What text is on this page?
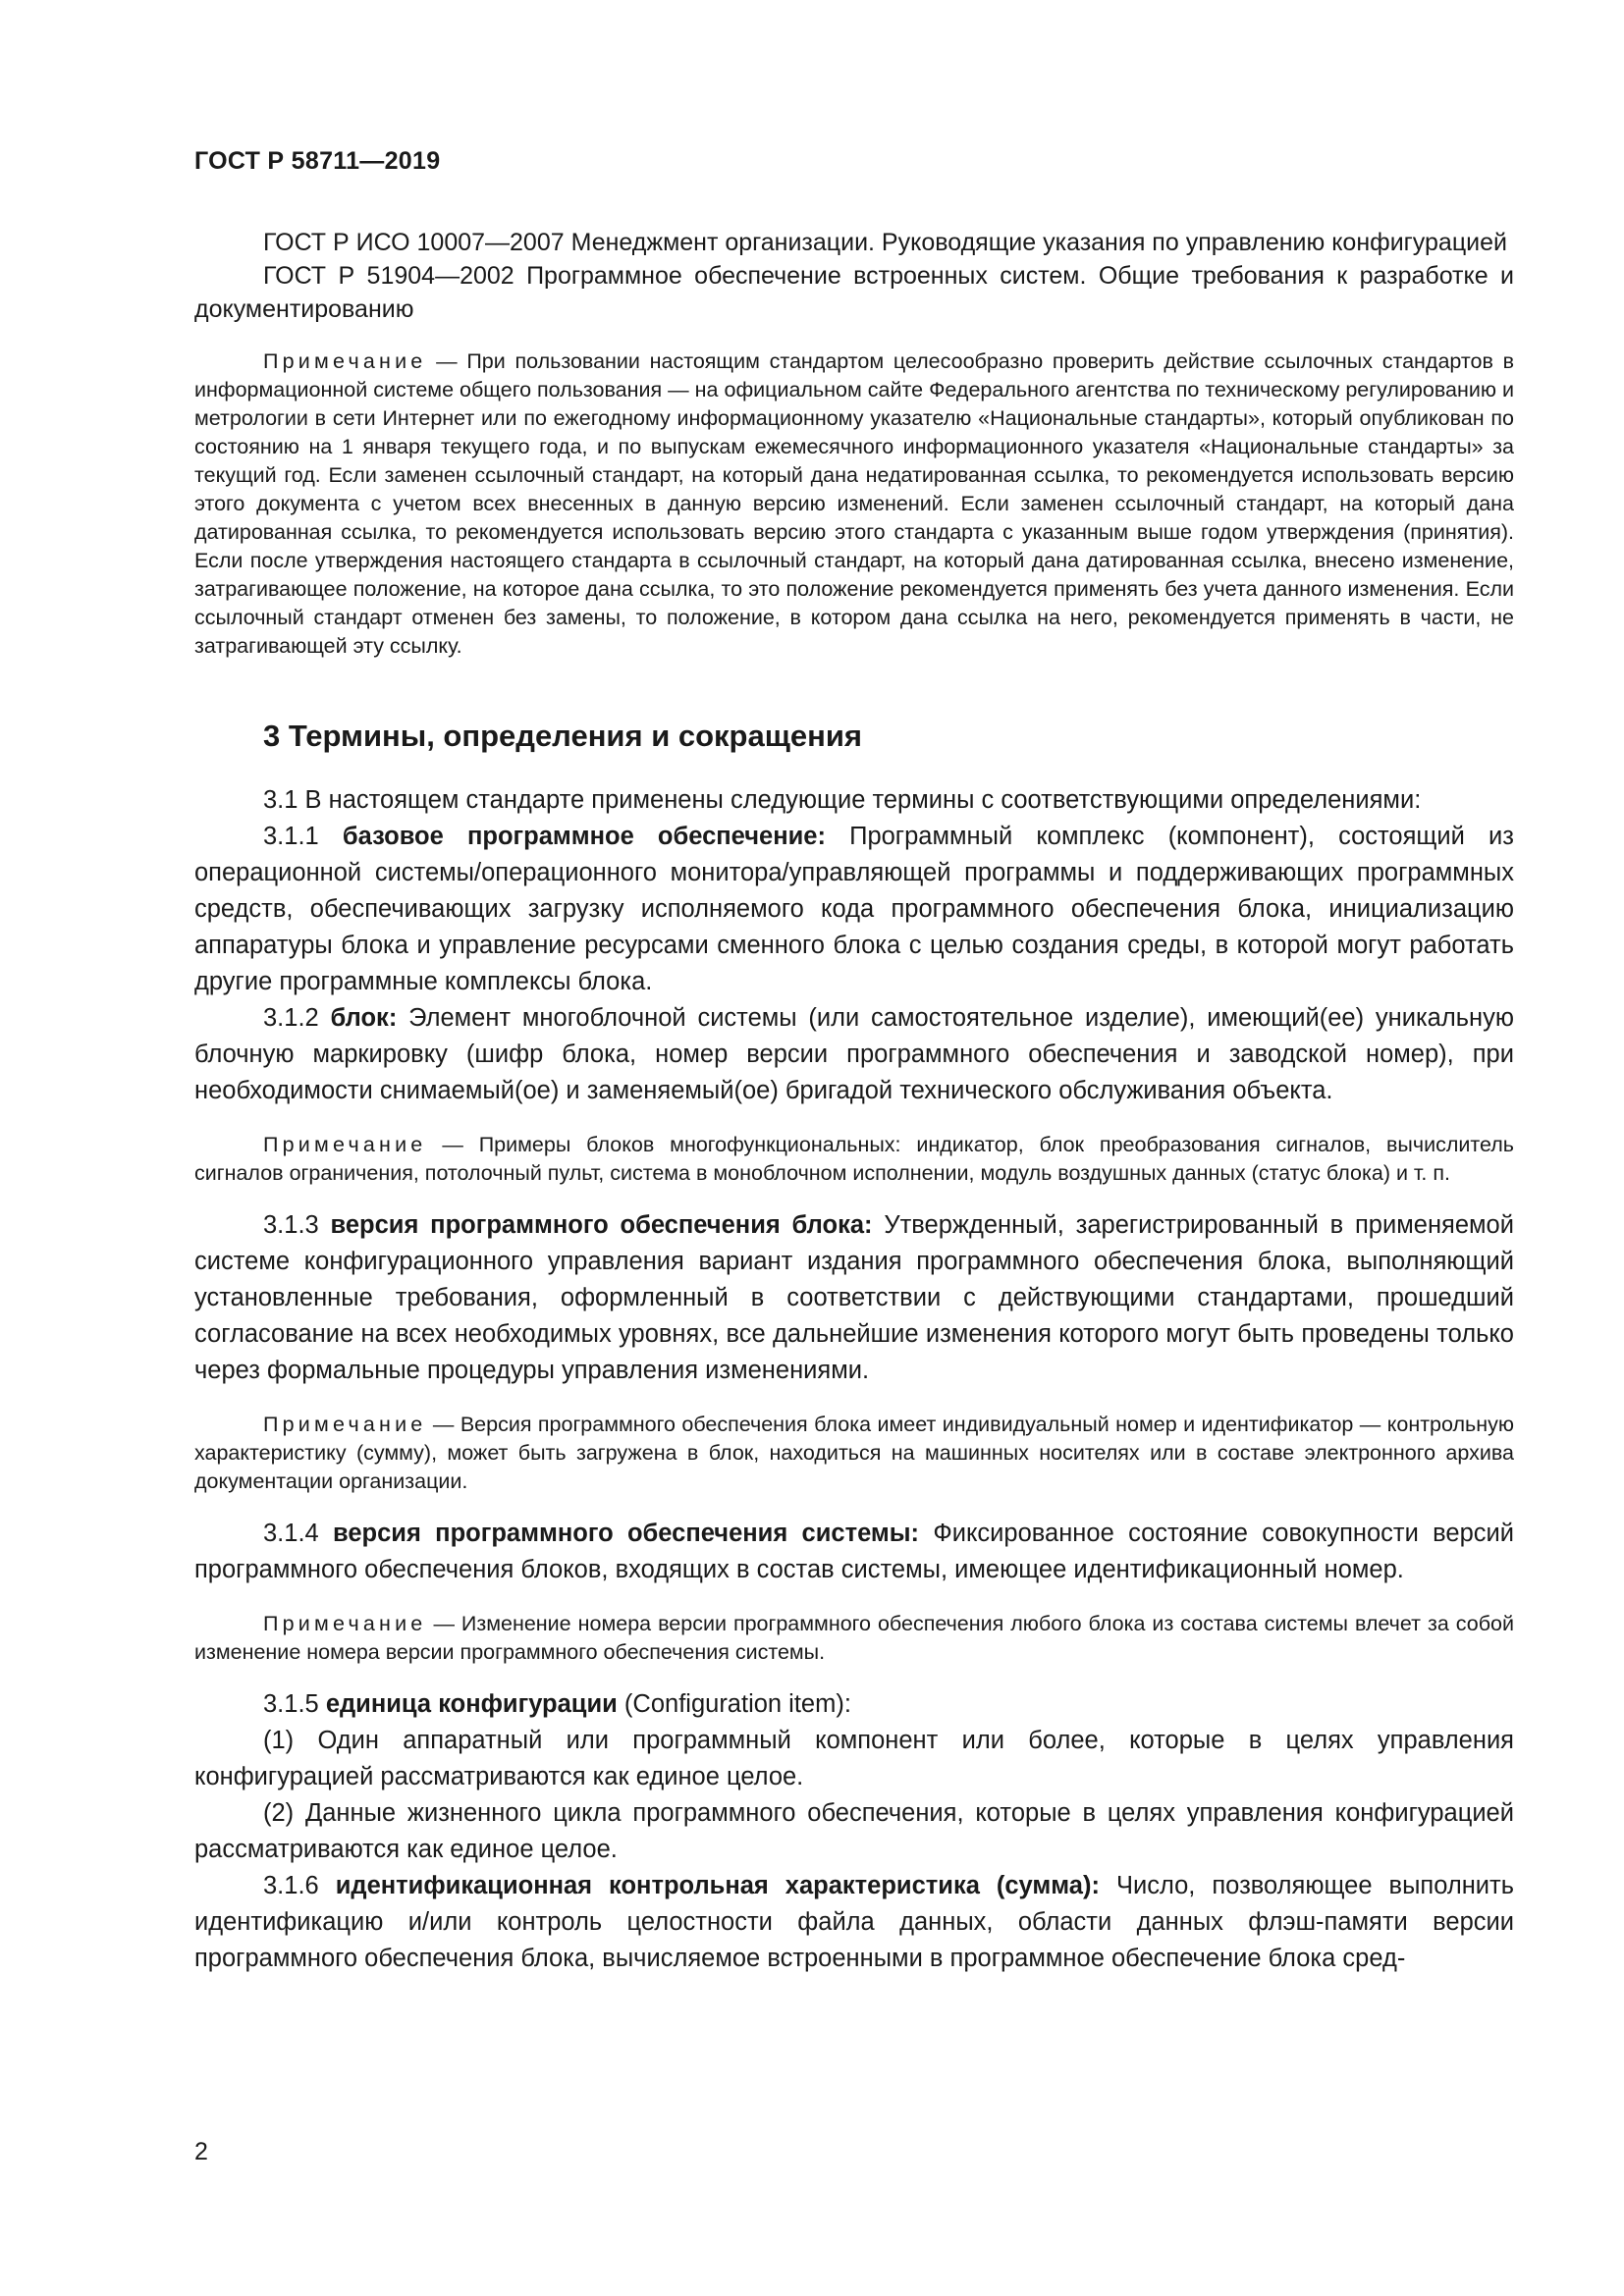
ГОСТ Р 58711—2019

ГОСТ Р ИСО 10007—2007 Менеджмент организации. Руководящие указания по управлению конфигурацией

ГОСТ Р 51904—2002 Программное обеспечение встроенных систем. Общие требования к разработке и документированию

Примечание — При пользовании настоящим стандартом целесообразно проверить действие ссылочных стандартов в информационной системе общего пользования — на официальном сайте Федерального агентства по техническому регулированию и метрологии в сети Интернет или по ежегодному информационному указателю «Национальные стандарты», который опубликован по состоянию на 1 января текущего года, и по выпускам ежемесячного информационного указателя «Национальные стандарты» за текущий год. Если заменен ссылочный стандарт, на который дана недатированная ссылка, то рекомендуется использовать версию этого документа с учетом всех внесенных в данную версию изменений. Если заменен ссылочный стандарт, на который дана датированная ссылка, то рекомендуется использовать версию этого стандарта с указанным выше годом утверждения (принятия). Если после утверждения настоящего стандарта в ссылочный стандарт, на который дана датированная ссылка, внесено изменение, затрагивающее положение, на которое дана ссылка, то это положение рекомендуется применять без учета данного изменения. Если ссылочный стандарт отменен без замены, то положение, в котором дана ссылка на него, рекомендуется применять в части, не затрагивающей эту ссылку.

3 Термины, определения и сокращения

3.1 В настоящем стандарте применены следующие термины с соответствующими определениями:

3.1.1 базовое программное обеспечение: Программный комплекс (компонент), состоящий из операционной системы/операционного монитора/управляющей программы и поддерживающих программных средств, обеспечивающих загрузку исполняемого кода программного обеспечения блока, инициализацию аппаратуры блока и управление ресурсами сменного блока с целью создания среды, в которой могут работать другие программные комплексы блока.

3.1.2 блок: Элемент многоблочной системы (или самостоятельное изделие), имеющий(ее) уникальную блочную маркировку (шифр блока, номер версии программного обеспечения и заводской номер), при необходимости снимаемый(ое) и заменяемый(ое) бригадой технического обслуживания объекта.

Примечание — Примеры блоков многофункциональных: индикатор, блок преобразования сигналов, вычислитель сигналов ограничения, потолочный пульт, система в моноблочном исполнении, модуль воздушных данных (статус блока) и т. п.

3.1.3 версия программного обеспечения блока: Утвержденный, зарегистрированный в применяемой системе конфигурационного управления вариант издания программного обеспечения блока, выполняющий установленные требования, оформленный в соответствии с действующими стандартами, прошедший согласование на всех необходимых уровнях, все дальнейшие изменения которого могут быть проведены только через формальные процедуры управления изменениями.

Примечание — Версия программного обеспечения блока имеет индивидуальный номер и идентификатор — контрольную характеристику (сумму), может быть загружена в блок, находиться на машинных носителях или в составе электронного архива документации организации.

3.1.4 версия программного обеспечения системы: Фиксированное состояние совокупности версий программного обеспечения блоков, входящих в состав системы, имеющее идентификационный номер.

Примечание — Изменение номера версии программного обеспечения любого блока из состава системы влечет за собой изменение номера версии программного обеспечения системы.

3.1.5 единица конфигурации (Configuration item):

(1) Один аппаратный или программный компонент или более, которые в целях управления конфигурацией рассматриваются как единое целое.

(2) Данные жизненного цикла программного обеспечения, которые в целях управления конфигурацией рассматриваются как единое целое.

3.1.6 идентификационная контрольная характеристика (сумма): Число, позволяющее выполнить идентификацию и/или контроль целостности файла данных, области данных флэш-памяти версии программного обеспечения блока, вычисляемое встроенными в программное обеспечение блока сред-

2
